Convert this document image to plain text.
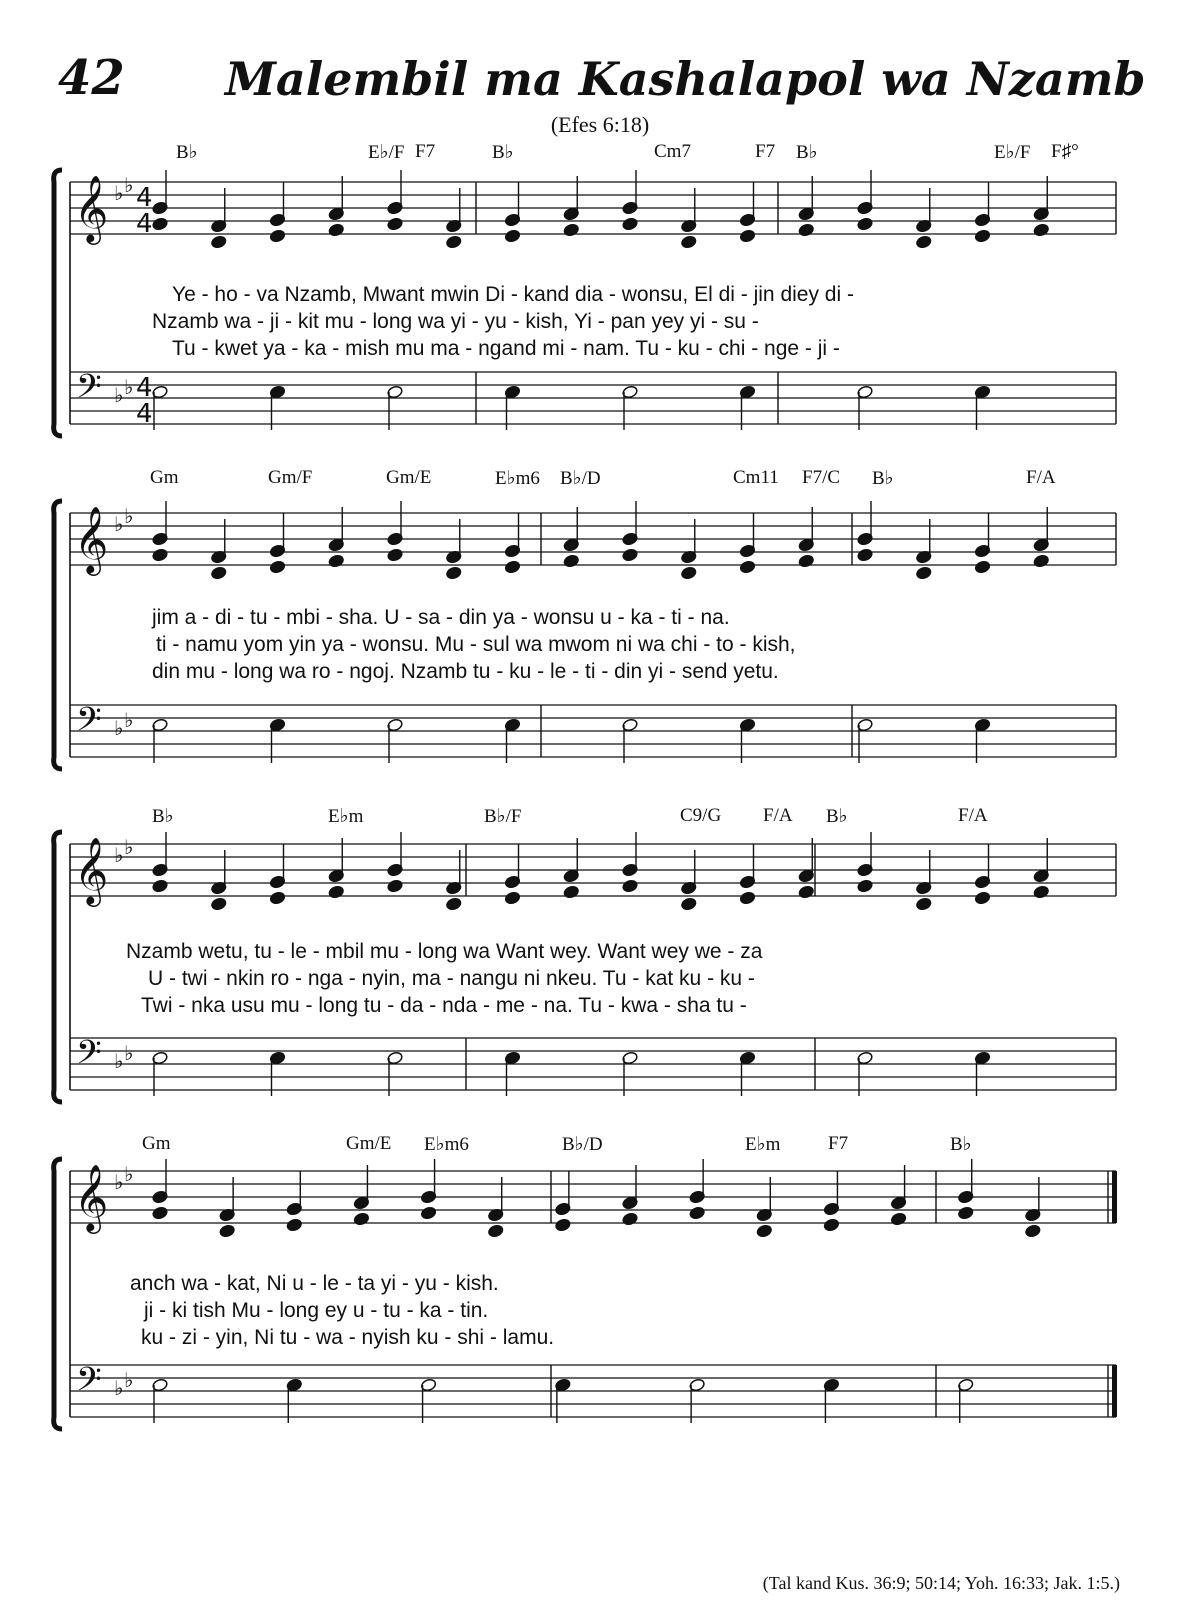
42 Malembil ma Kashalapol wa Nzamb
(Efes 6:18)
𝄞
𝄢
♭ ♭
♭ ♭
4
4
4
4
𝄞
𝄢
♭ ♭
♭ ♭
𝄞
𝄢
♭ ♭
♭ ♭
𝄞
𝄢
♭ ♭
♭ ♭
B♭	E♭/F F7	B♭	Cm7	F7 B♭	E♭/F F♯°
Ye - ho - va Nzamb, Mwant mwin Di - kand dia - wonsu, El di - jin diey di -
Nzamb wa - ji - kit mu - long wa yi - yu - kish, Yi - pan yey yi - su -
Tu - kwet ya - ka - mish mu ma - ngand mi - nam. Tu - ku - chi - nge - ji -
Gm	Gm/F	Gm/E	E♭m6 B♭/D	Cm11 F7/C B♭	F/A
jim a - di - tu - mbi - sha. U - sa - din ya - wonsu u - ka - ti - na.
ti - namu yom yin ya - wonsu. Mu - sul wa mwom ni wa chi - to - kish,
din mu - long wa ro - ngoj. Nzamb tu - ku - le - ti - din yi - send yetu.
B♭	E♭m	B♭/F	C9/G F/A B♭	F/A
Nzamb wetu, tu - le - mbil mu - long wa Want wey. Want wey we - za
U - twi - nkin ro - nga - nyin, ma - nangu ni nkeu. Tu - kat ku - ku -
Twi - nka usu mu - long tu - da - nda - me - na. Tu - kwa - sha tu -
Gm	Gm/E E♭m6	B♭/D	E♭m	F7	B♭
anch wa - kat, Ni u - le - ta yi - yu - kish.
ji - ki tish Mu - long ey u - tu - ka - tin.
ku - zi - yin, Ni tu - wa - nyish ku - shi - lamu.
(Tal kand Kus. 36:9; 50:14; Yoh. 16:33; Jak. 1:5.)
